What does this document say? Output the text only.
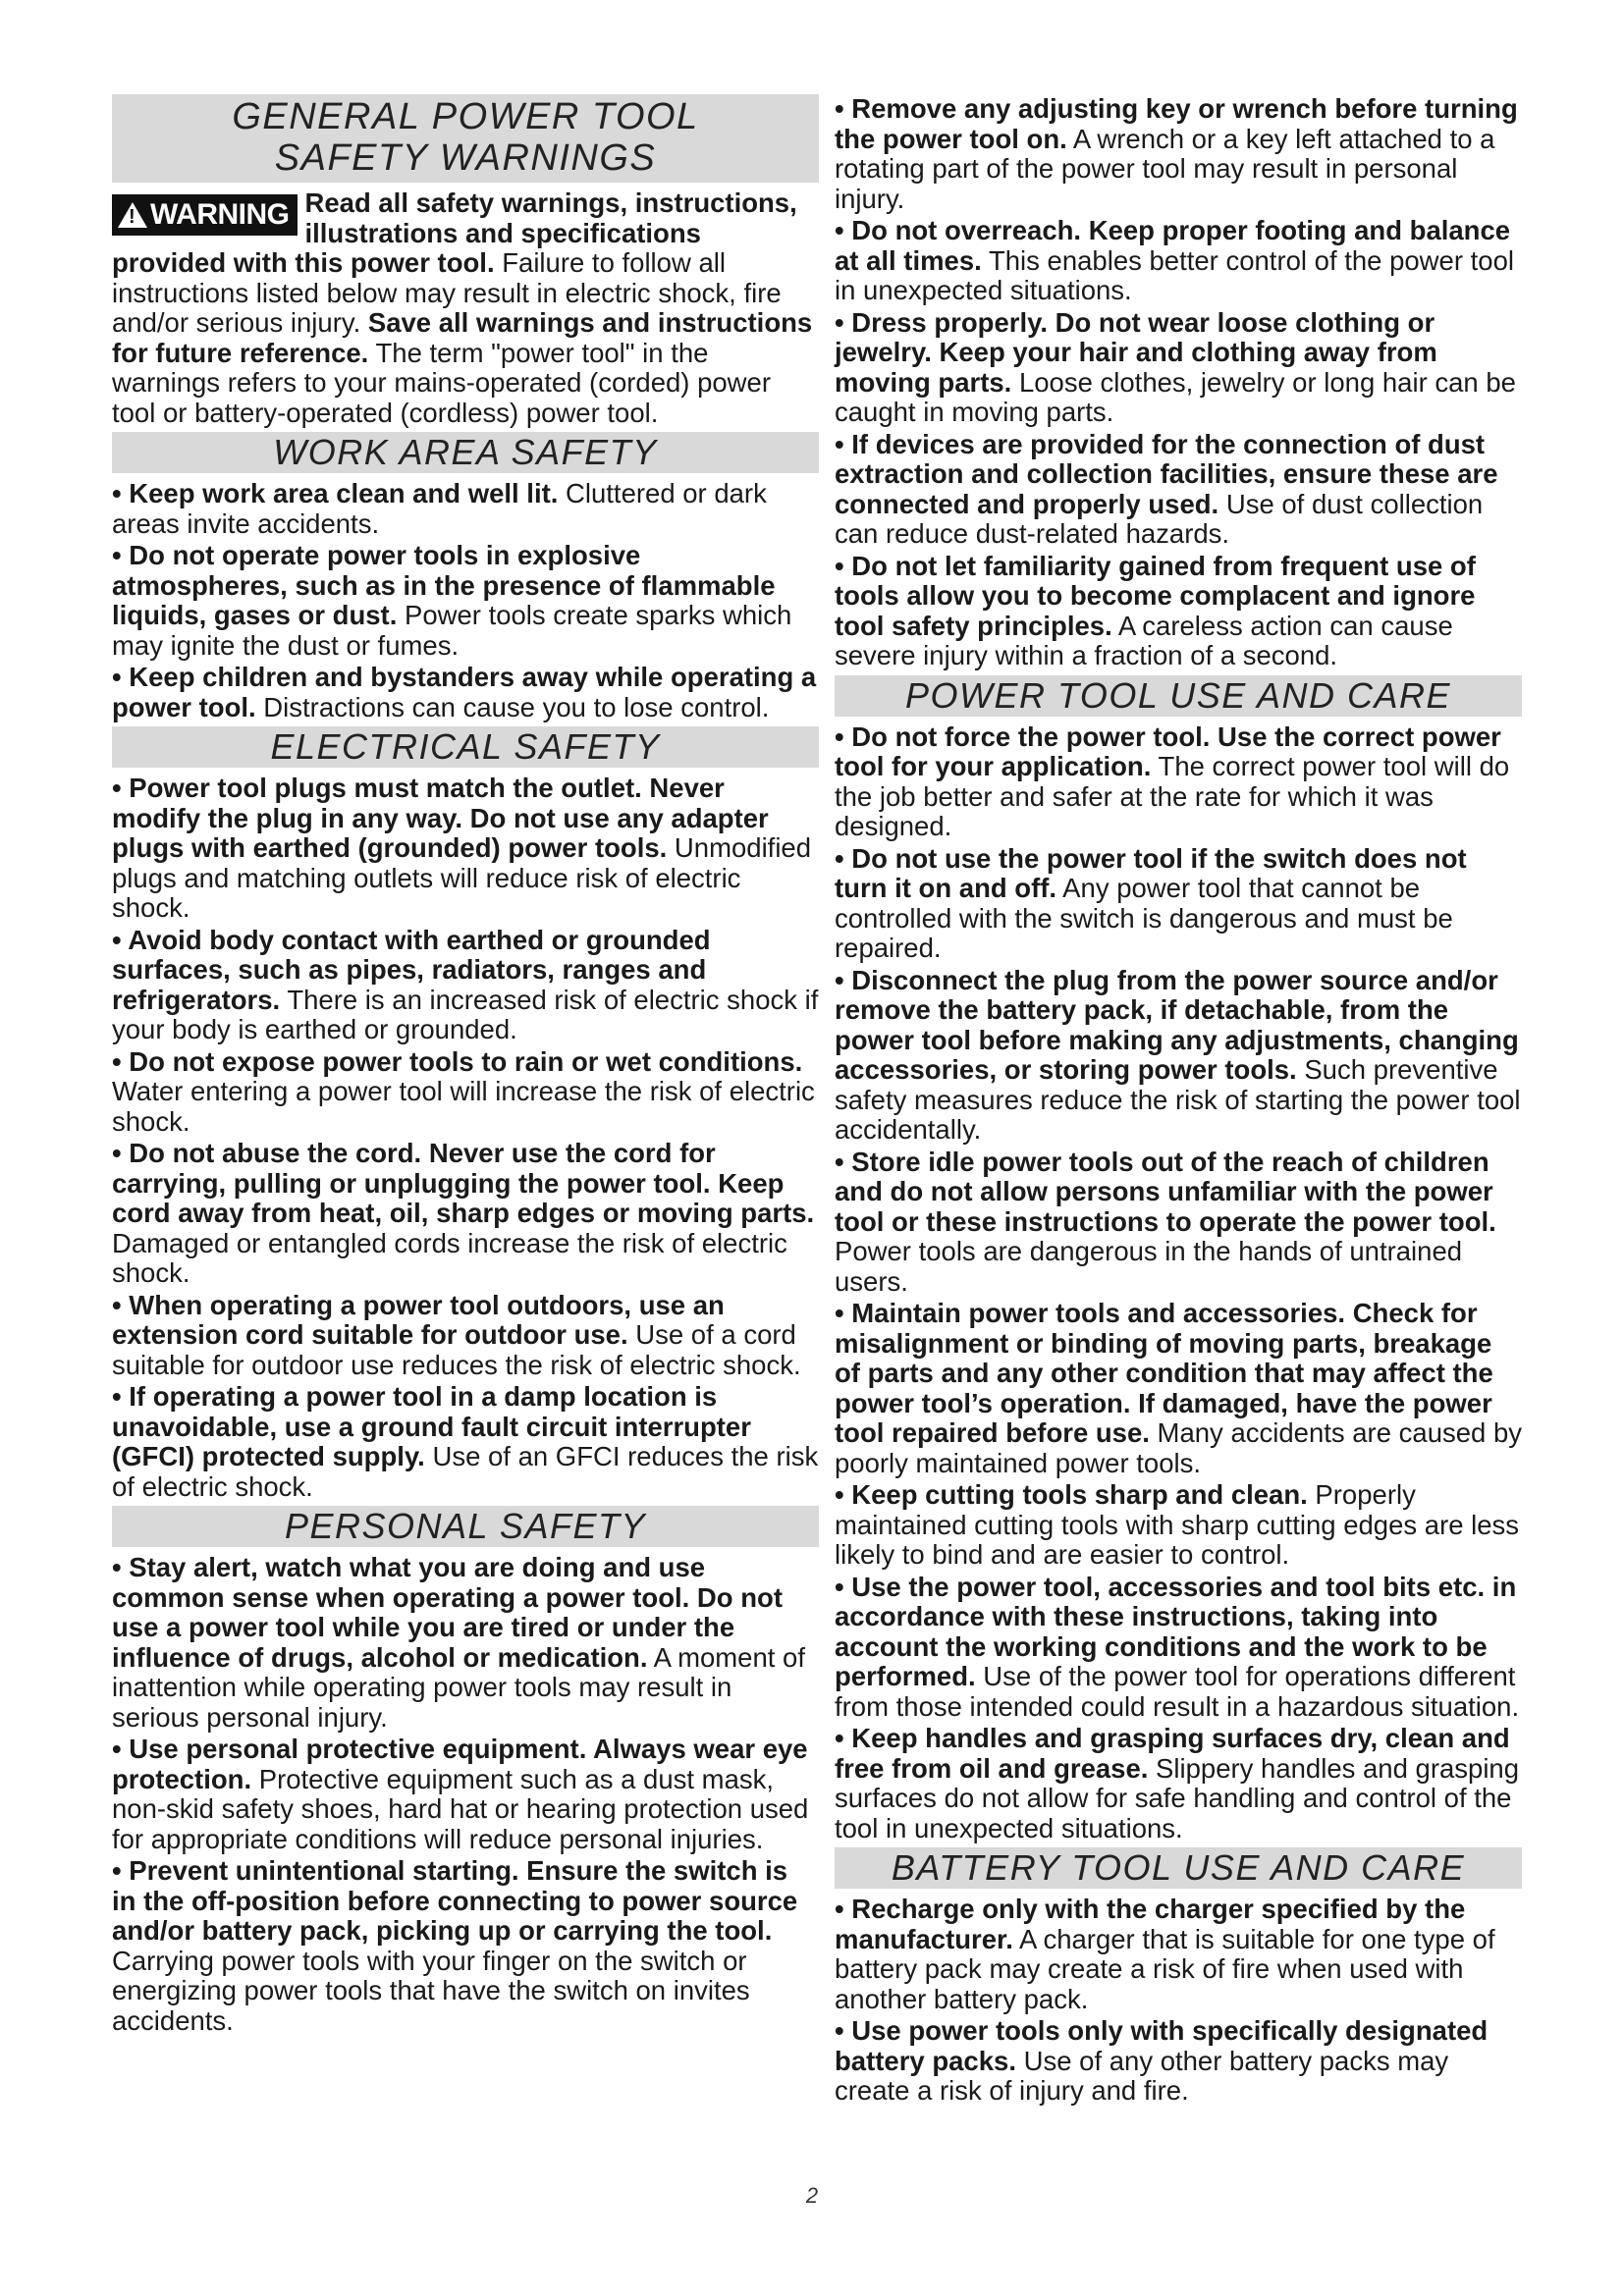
GENERAL POWER TOOL
SAFETY WARNINGS
!
WARNING Read all safety warnings, instructions, illustrations and specifications provided with this power tool. Failure to follow all instructions listed below may result in electric shock, fire and/or serious injury. Save all warnings and instructions for future reference. The term "power tool" in the warnings refers to your mains-operated (corded) power tool or battery-operated (cordless) power tool.

WORK AREA SAFETY

• Keep work area clean and well lit. Cluttered or dark areas invite accidents.

• Do not operate power tools in explosive atmospheres, such as in the presence of flammable liquids, gases or dust. Power tools create sparks which may ignite the dust or fumes.

• Keep children and bystanders away while operating a power tool. Distractions can cause you to lose control.

ELECTRICAL SAFETY

• Power tool plugs must match the outlet. Never modify the plug in any way. Do not use any adapter plugs with earthed (grounded) power tools. Unmodified plugs and matching outlets will reduce risk of electric shock.

• Avoid body contact with earthed or grounded surfaces, such as pipes, radiators, ranges and refrigerators. There is an increased risk of electric shock if your body is earthed or grounded.

• Do not expose power tools to rain or wet conditions. Water entering a power tool will increase the risk of electric shock.

• Do not abuse the cord. Never use the cord for carrying, pulling or unplugging the power tool. Keep cord away from heat, oil, sharp edges or moving parts. Damaged or entangled cords increase the risk of electric shock.

• When operating a power tool outdoors, use an extension cord suitable for outdoor use. Use of a cord suitable for outdoor use reduces the risk of electric shock.

• If operating a power tool in a damp location is unavoidable, use a ground fault circuit interrupter (GFCI) protected supply. Use of an GFCI reduces the risk of electric shock.

PERSONAL SAFETY

• Stay alert, watch what you are doing and use common sense when operating a power tool. Do not use a power tool while you are tired or under the influence of drugs, alcohol or medication. A moment of inattention while operating power tools may result in serious personal injury.

• Use personal protective equipment. Always wear eye protection. Protective equipment such as a dust mask, non-skid safety shoes, hard hat or hearing protection used for appropriate conditions will reduce personal injuries.

• Prevent unintentional starting. Ensure the switch is in the off-position before connecting to power source and/or battery pack, picking up or carrying the tool. Carrying power tools with your finger on the switch or energizing power tools that have the switch on invites accidents.

• Remove any adjusting key or wrench before turning the power tool on. A wrench or a key left attached to a rotating part of the power tool may result in personal injury.

• Do not overreach. Keep proper footing and balance at all times. This enables better control of the power tool in unexpected situations.

• Dress properly. Do not wear loose clothing or jewelry. Keep your hair and clothing away from moving parts. Loose clothes, jewelry or long hair can be caught in moving parts.

• If devices are provided for the connection of dust extraction and collection facilities, ensure these are connected and properly used. Use of dust collection can reduce dust-related hazards.

• Do not let familiarity gained from frequent use of tools allow you to become complacent and ignore tool safety principles. A careless action can cause severe injury within a fraction of a second.

POWER TOOL USE AND CARE

• Do not force the power tool. Use the correct power tool for your application. The correct power tool will do the job better and safer at the rate for which it was designed.

• Do not use the power tool if the switch does not turn it on and off. Any power tool that cannot be controlled with the switch is dangerous and must be repaired.

• Disconnect the plug from the power source and/or remove the battery pack, if detachable, from the power tool before making any adjustments, changing accessories, or storing power tools. Such preventive safety measures reduce the risk of starting the power tool accidentally.

• Store idle power tools out of the reach of children and do not allow persons unfamiliar with the power tool or these instructions to operate the power tool. Power tools are dangerous in the hands of untrained users.

• Maintain power tools and accessories. Check for misalignment or binding of moving parts, breakage of parts and any other condition that may affect the power tool’s operation. If damaged, have the power tool repaired before use. Many accidents are caused by poorly maintained power tools.

• Keep cutting tools sharp and clean. Properly maintained cutting tools with sharp cutting edges are less likely to bind and are easier to control.

• Use the power tool, accessories and tool bits etc. in accordance with these instructions, taking into account the working conditions and the work to be performed. Use of the power tool for operations different from those intended could result in a hazardous situation.

• Keep handles and grasping surfaces dry, clean and free from oil and grease. Slippery handles and grasping surfaces do not allow for safe handling and control of the tool in unexpected situations.

BATTERY TOOL USE AND CARE

• Recharge only with the charger specified by the manufacturer. A charger that is suitable for one type of battery pack may create a risk of fire when used with another battery pack.

• Use power tools only with specifically designated battery packs. Use of any other battery packs may create a risk of injury and fire.

2
